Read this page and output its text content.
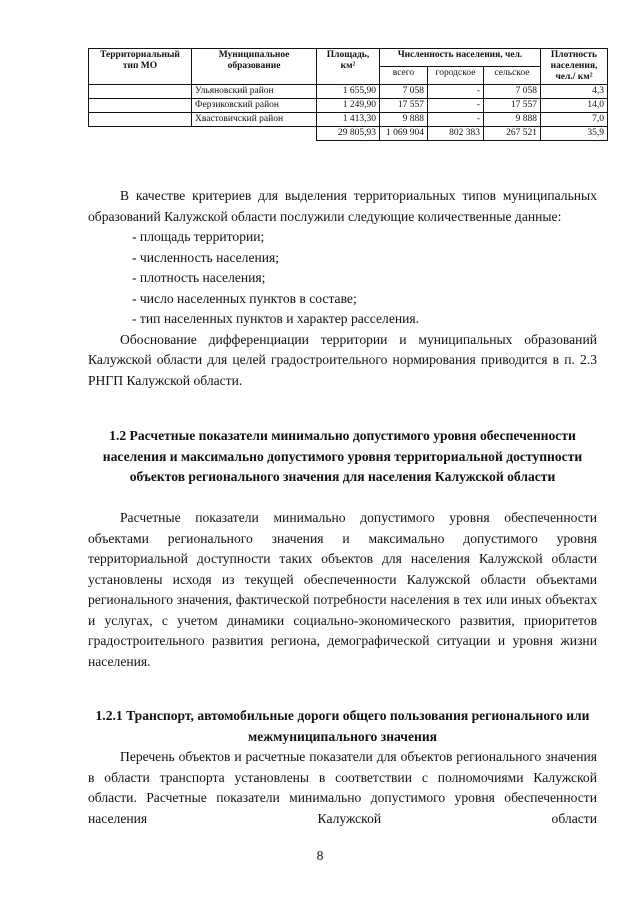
Территориальный тип МО	Муниципальное образование	Площадь, км²	Численность населения, чел.			Плотность населения, чел./ км²
			всего	городское	сельское	
	Ульяновский район	1 655,90	7 058	-	7 058	4,3
	Ферзиковский район	1 249,90	17 557	-	17 557	14,0
	Хвастовичский район	1 413,30	9 888	-	9 888	7,0
		29 805,93	1 069 904	802 383	267 521	35,9

В качестве критериев для выделения территориальных типов муниципальных образований Калужской области послужили следующие количественные данные:

- площадь территории;
- численность населения;
- плотность населения;
- число населенных пунктов в составе;
- тип населенных пунктов и характер расселения.

Обоснование дифференциации территории и муниципальных образований Калужской области для целей градостроительного нормирования приводится в п. 2.3 РНГП Калужской области.

1.2 Расчетные показатели минимально допустимого уровня обеспеченности населения и максимально допустимого уровня территориальной доступности объектов регионального значения для населения Калужской области

Расчетные показатели минимально допустимого уровня обеспеченности объектами регионального значения и максимально допустимого уровня территориальной доступности таких объектов для населения Калужской области установлены исходя из текущей обеспеченности Калужской области объектами регионального значения, фактической потребности населения в тех или иных объектах и услугах, с учетом динамики социально-экономического развития, приоритетов градостроительного развития региона, демографической ситуации и уровня жизни населения.

1.2.1 Транспорт, автомобильные дороги общего пользования регионального или межмуниципального значения

Перечень объектов и расчетные показатели для объектов регионального значения в области транспорта установлены в соответствии с полномочиями Калужской области. Расчетные показатели минимально допустимого уровня обеспеченности населения Калужской области

8
